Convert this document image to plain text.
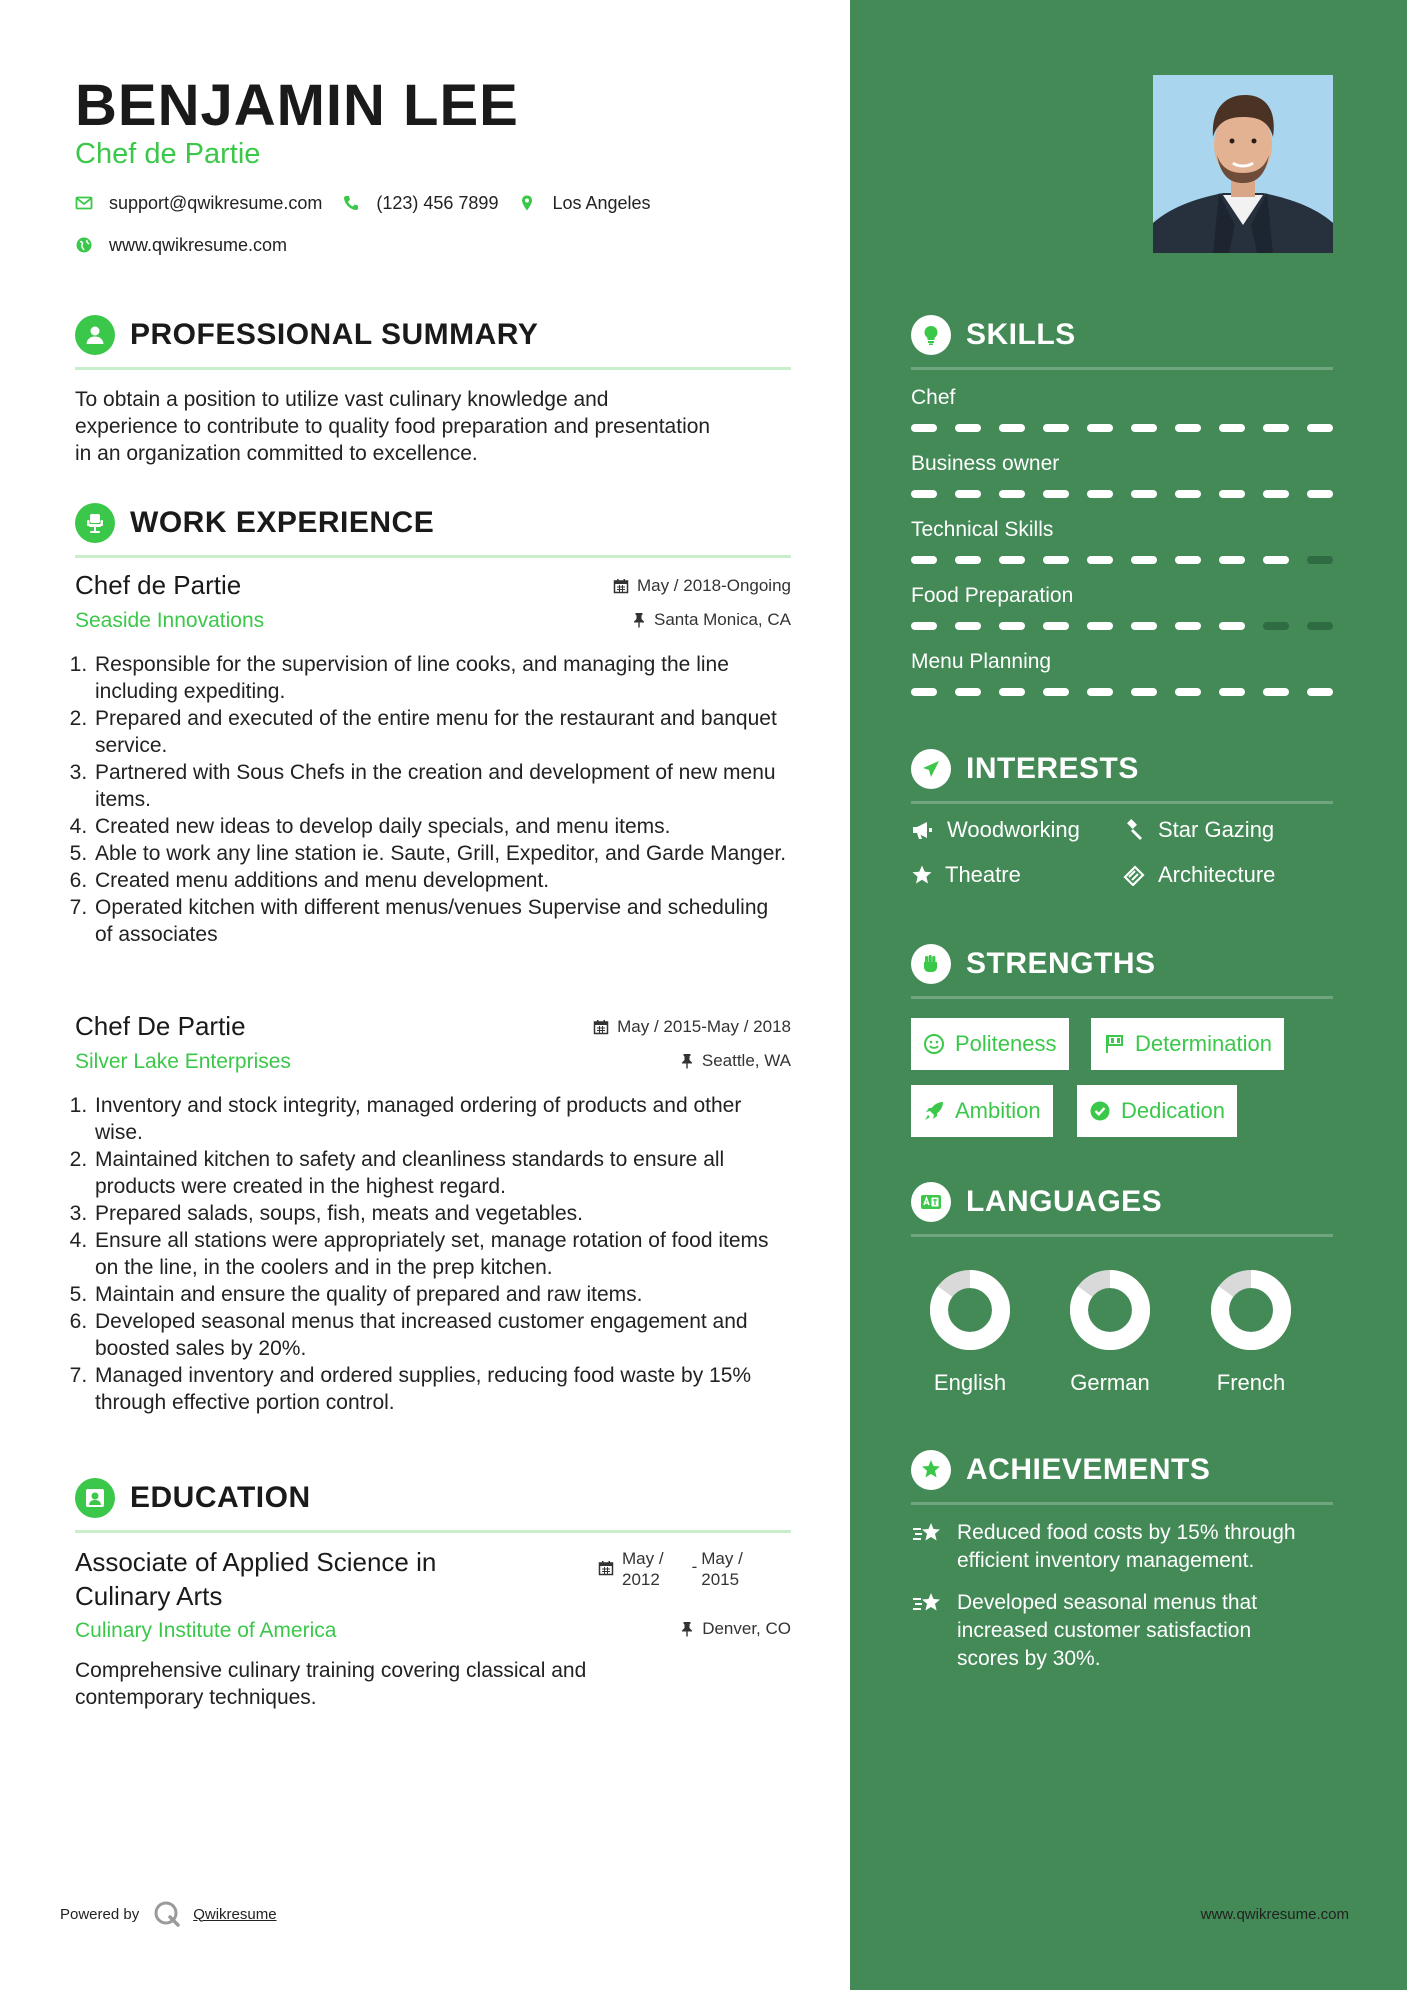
BENJAMIN LEE
Chef de Partie
support@qwikresume.com	(123) 456 7899	Los Angeles
www.qwikresume.com
PROFESSIONAL SUMMARY
To obtain a position to utilize vast culinary knowledge and
experience to contribute to quality food preparation and presentation
in an organization committed to excellence.
WORK EXPERIENCE
Chef de Partie
Seaside Innovations
May / 2018-Ongoing
Santa Monica, CA
1. Responsible for the supervision of line cooks, and managing the line including expediting.
2. Prepared and executed of the entire menu for the restaurant and banquet service.
3. Partnered with Sous Chefs in the creation and development of new menu items.
4. Created new ideas to develop daily specials, and menu items.
5. Able to work any line station ie. Saute, Grill, Expeditor, and Garde Manger.
6. Created menu additions and menu development.
7. Operated kitchen with different menus/venues Supervise and scheduling of associates
Chef De Partie
Silver Lake Enterprises
May / 2015-May / 2018
Seattle, WA
1. Inventory and stock integrity, managed ordering of products and other wise.
2. Maintained kitchen to safety and cleanliness standards to ensure all products were created in the highest regard.
3. Prepared salads, soups, fish, meats and vegetables.
4. Ensure all stations were appropriately set, manage rotation of food items on the line, in the coolers and in the prep kitchen.
5. Maintain and ensure the quality of prepared and raw items.
6. Developed seasonal menus that increased customer engagement and boosted sales by 20%.
7. Managed inventory and ordered supplies, reducing food waste by 15% through effective portion control.
EDUCATION
Associate of Applied Science in
Culinary Arts
Culinary Institute of America	Denver, CO
Comprehensive culinary training covering classical and
contemporary techniques.
May /
2012
- May /
2015
Powered by	Qwikresume	www.qwikresume.com
SKILLS
Chef
Business owner
Technical Skills
Food Preparation
Menu Planning
INTERESTS
Woodworking	Star Gazing
Theatre	Architecture
STRENGTHS
Politeness	Determination
Ambition	Dedication
LANGUAGES
English	German	French
ACHIEVEMENTS
Reduced food costs by 15% through
efficient inventory management.
Developed seasonal menus that
increased customer satisfaction
scores by 30%.
